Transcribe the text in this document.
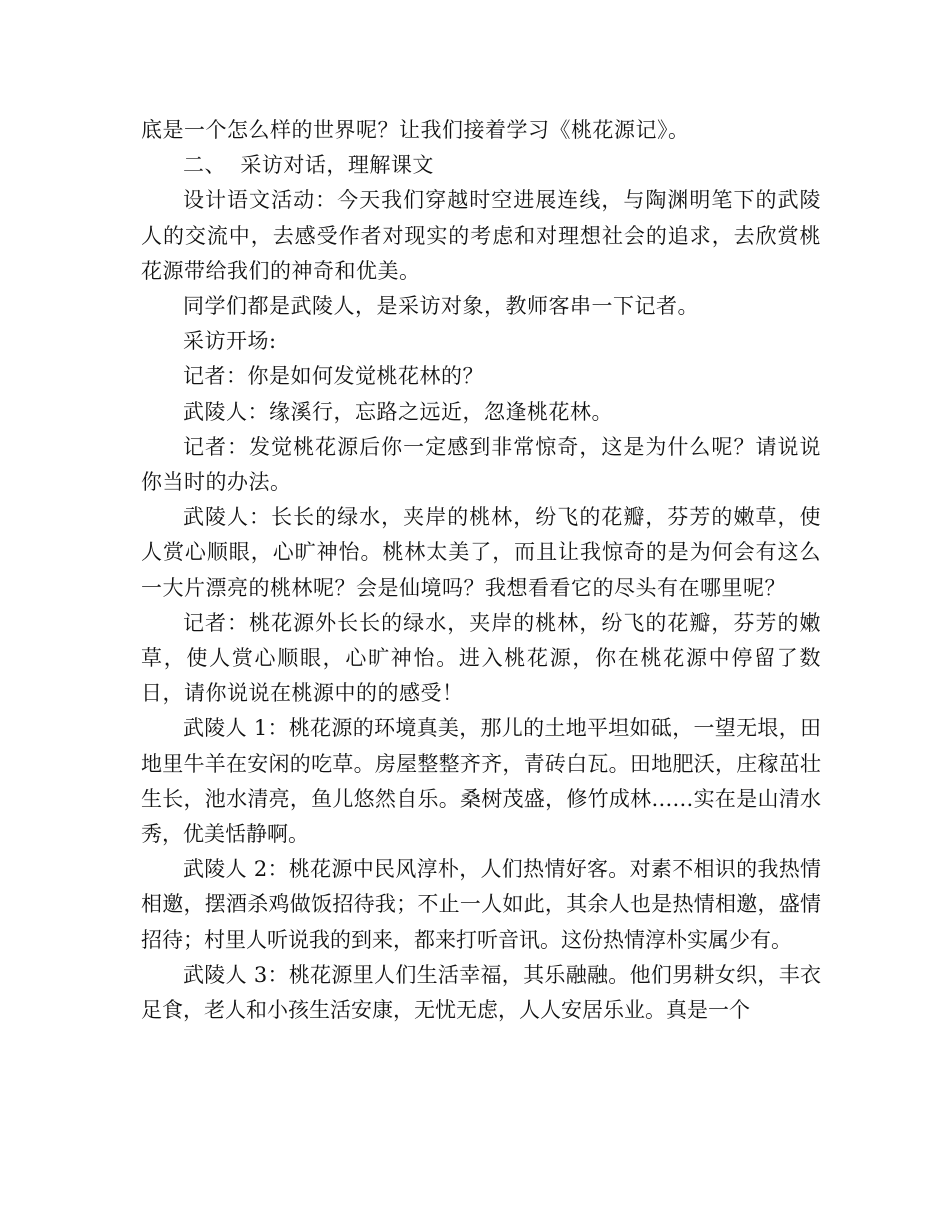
底是一个怎么样的世界呢？让我们接着学习《桃花源记》。

二、  采访对话，理解课文

设计语文活动：今天我们穿越时空进展连线，与陶渊明笔下的武陵人的交流中，去感受作者对现实的考虑和对理想社会的追求，去欣赏桃花源带给我们的神奇和优美。

同学们都是武陵人，是采访对象，教师客串一下记者。

采访开场:

记者：你是如何发觉桃花林的？

武陵人：缘溪行，忘路之远近，忽逢桃花林。

记者：发觉桃花源后你一定感到非常惊奇，这是为什么呢？请说说你当时的办法。

武陵人：长长的绿水，夹岸的桃林，纷飞的花瓣，芬芳的嫩草，使人赏心顺眼，心旷神怡。桃林太美了，而且让我惊奇的是为何会有这么一大片漂亮的桃林呢？会是仙境吗？我想看看它的尽头有在哪里呢？

记者：桃花源外长长的绿水，夹岸的桃林，纷飞的花瓣，芬芳的嫩草，使人赏心顺眼，心旷神怡。进入桃花源，你在桃花源中停留了数日，请你说说在桃源中的的感受！

武陵人 1：桃花源的环境真美，那儿的土地平坦如砥，一望无垠，田地里牛羊在安闲的吃草。房屋整整齐齐，青砖白瓦。田地肥沃，庄稼茁壮生长，池水清亮，鱼儿悠然自乐。桑树茂盛，修竹成林……实在是山清水秀，优美恬静啊。

武陵人 2：桃花源中民风淳朴，人们热情好客。对素不相识的我热情相邀，摆酒杀鸡做饭招待我；不止一人如此，其余人也是热情相邀，盛情招待；村里人听说我的到来，都来打听音讯。这份热情淳朴实属少有。

武陵人 3：桃花源里人们生活幸福，其乐融融。他们男耕女织，丰衣足食，老人和小孩生活安康，无忧无虑，人人安居乐业。真是一个
